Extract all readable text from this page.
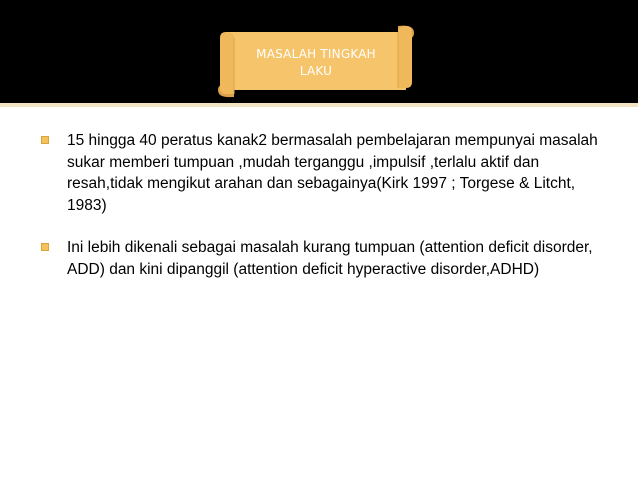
MASALAH TINGKAH
LAKU
15 hingga 40 peratus kanak2 bermasalah pembelajaran mempunyai masalah sukar memberi tumpuan ,mudah terganggu ,impulsif ,terlalu aktif dan resah,tidak mengikut arahan dan sebagainya(Kirk 1997 ; Torgese & Litcht, 1983)
Ini lebih dikenali sebagai masalah kurang tumpuan (attention deficit disorder, ADD) dan kini dipanggil (attention deficit hyperactive disorder,ADHD)
